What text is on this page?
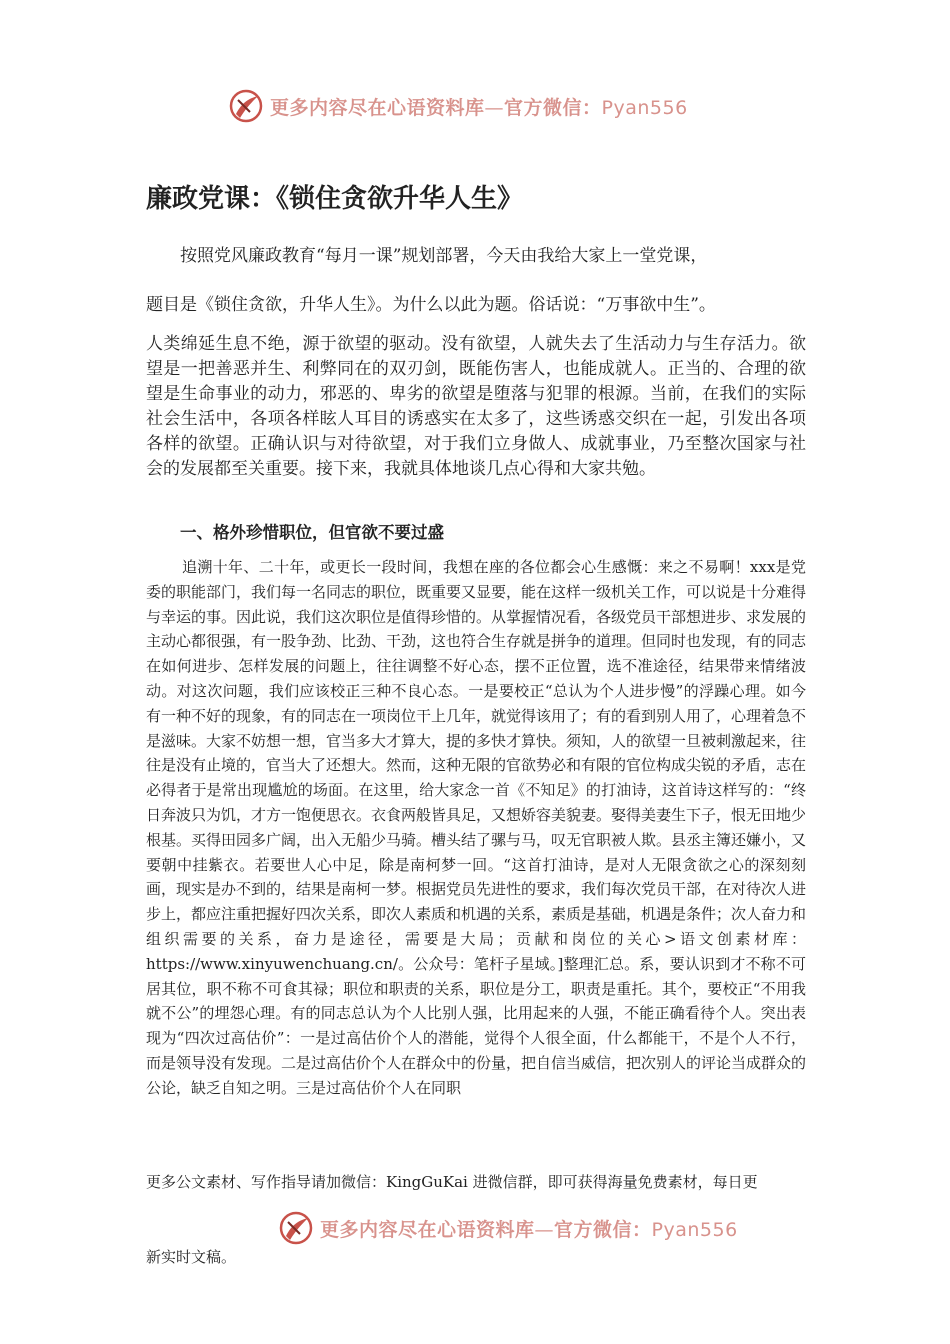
更多内容尽在心语资料库—官方微信：Pyan556
廉政党课：《锁住贪欲升华人生》
按照党风廉政教育“每月一课”规划部署，今天由我给大家上一堂党课，
题目是《锁住贪欲，升华人生》。为什么以此为题。俗话说：“万事欲中生”。
人类绵延生息不绝，源于欲望的驱动。没有欲望，人就失去了生活动力与生存活力。欲望是一把善恶并生、利弊同在的双刃剑，既能伤害人，也能成就人。正当的、合理的欲望是生命事业的动力，邪恶的、卑劣的欲望是堕落与犯罪的根源。当前，在我们的实际社会生活中，各项各样眩人耳目的诱惑实在太多了，这些诱惑交织在一起，引发出各项各样的欲望。正确认识与对待欲望，对于我们立身做人、成就事业，乃至整次国家与社会的发展都至关重要。接下来，我就具体地谈几点心得和大家共勉。
一、格外珍惜职位，但官欲不要过盛
追溯十年、二十年，或更长一段时间，我想在座的各位都会心生感慨：来之不易啊！xxx是党委的职能部门，我们每一名同志的职位，既重要又显要，能在这样一级机关工作，可以说是十分难得与幸运的事。因此说，我们这次职位是值得珍惜的。从掌握情况看，各级党员干部想进步、求发展的主动心都很强，有一股争劲、比劲、干劲，这也符合生存就是拼争的道理。但同时也发现，有的同志在如何进步、怎样发展的问题上，往往调整不好心态，摆不正位置，选不准途径，结果带来情绪波动。对这次问题，我们应该校正三种不良心态。一是要校正“总认为个人进步慢”的浮躁心理。如今有一种不好的现象，有的同志在一项岗位干上几年，就觉得该用了；有的看到别人用了，心理着急不是滋味。大家不妨想一想，官当多大才算大，提的多快才算快。须知，人的欲望一旦被刺激起来，往往是没有止境的，官当大了还想大。然而，这种无限的官欲势必和有限的官位构成尖锐的矛盾，志在必得者于是常出现尴尬的场面。在这里，给大家念一首《不知足》的打油诗，这首诗这样写的：“终日奔波只为饥，才方一饱便思衣。衣食两般皆具足，又想娇容美貌妻。娶得美妻生下子，恨无田地少根基。买得田园多广阔，出入无船少马骑。槽头结了骡与马，叹无官职被人欺。县丞主簿还嫌小，又要朝中挂紫衣。若要世人心中足，除是南柯梦一回。“这首打油诗，是对人无限贪欲之心的深刻刻画，现实是办不到的，结果是南柯一梦。根据党员先进性的要求，我们每次党员干部，在对待次人进步上，都应注重把握好四次关系，即次人素质和机遇的关系，素质是基础，机遇是条件；次人奋力和组织需要的关系，奋力是途径，需要是大局；贡献和岗位的关心>语文创素材库：https://www.xinyuwenchuang.cn/。公众号：笔杆子星域。]整理汇总。系，要认识到才不称不可居其位，职不称不可食其禄；职位和职责的关系，职位是分工，职责是重托。其个，要校正“不用我就不公”的埋怨心理。有的同志总认为个人比别人强，比用起来的人强，不能正确看待个人。突出表现为“四次过高估价”：一是过高估价个人的潜能，觉得个人很全面，什么都能干，不是个人不行，而是领导没有发现。二是过高估价个人在群众中的份量，把自信当威信，把次别人的评论当成群众的公论，缺乏自知之明。三是过高估价个人在同职
更多公文素材、写作指导请加微信：KingGuKai 进微信群，即可获得海量免费素材，每日更
更多内容尽在心语资料库—官方微信：Pyan556
新实时文稿。
